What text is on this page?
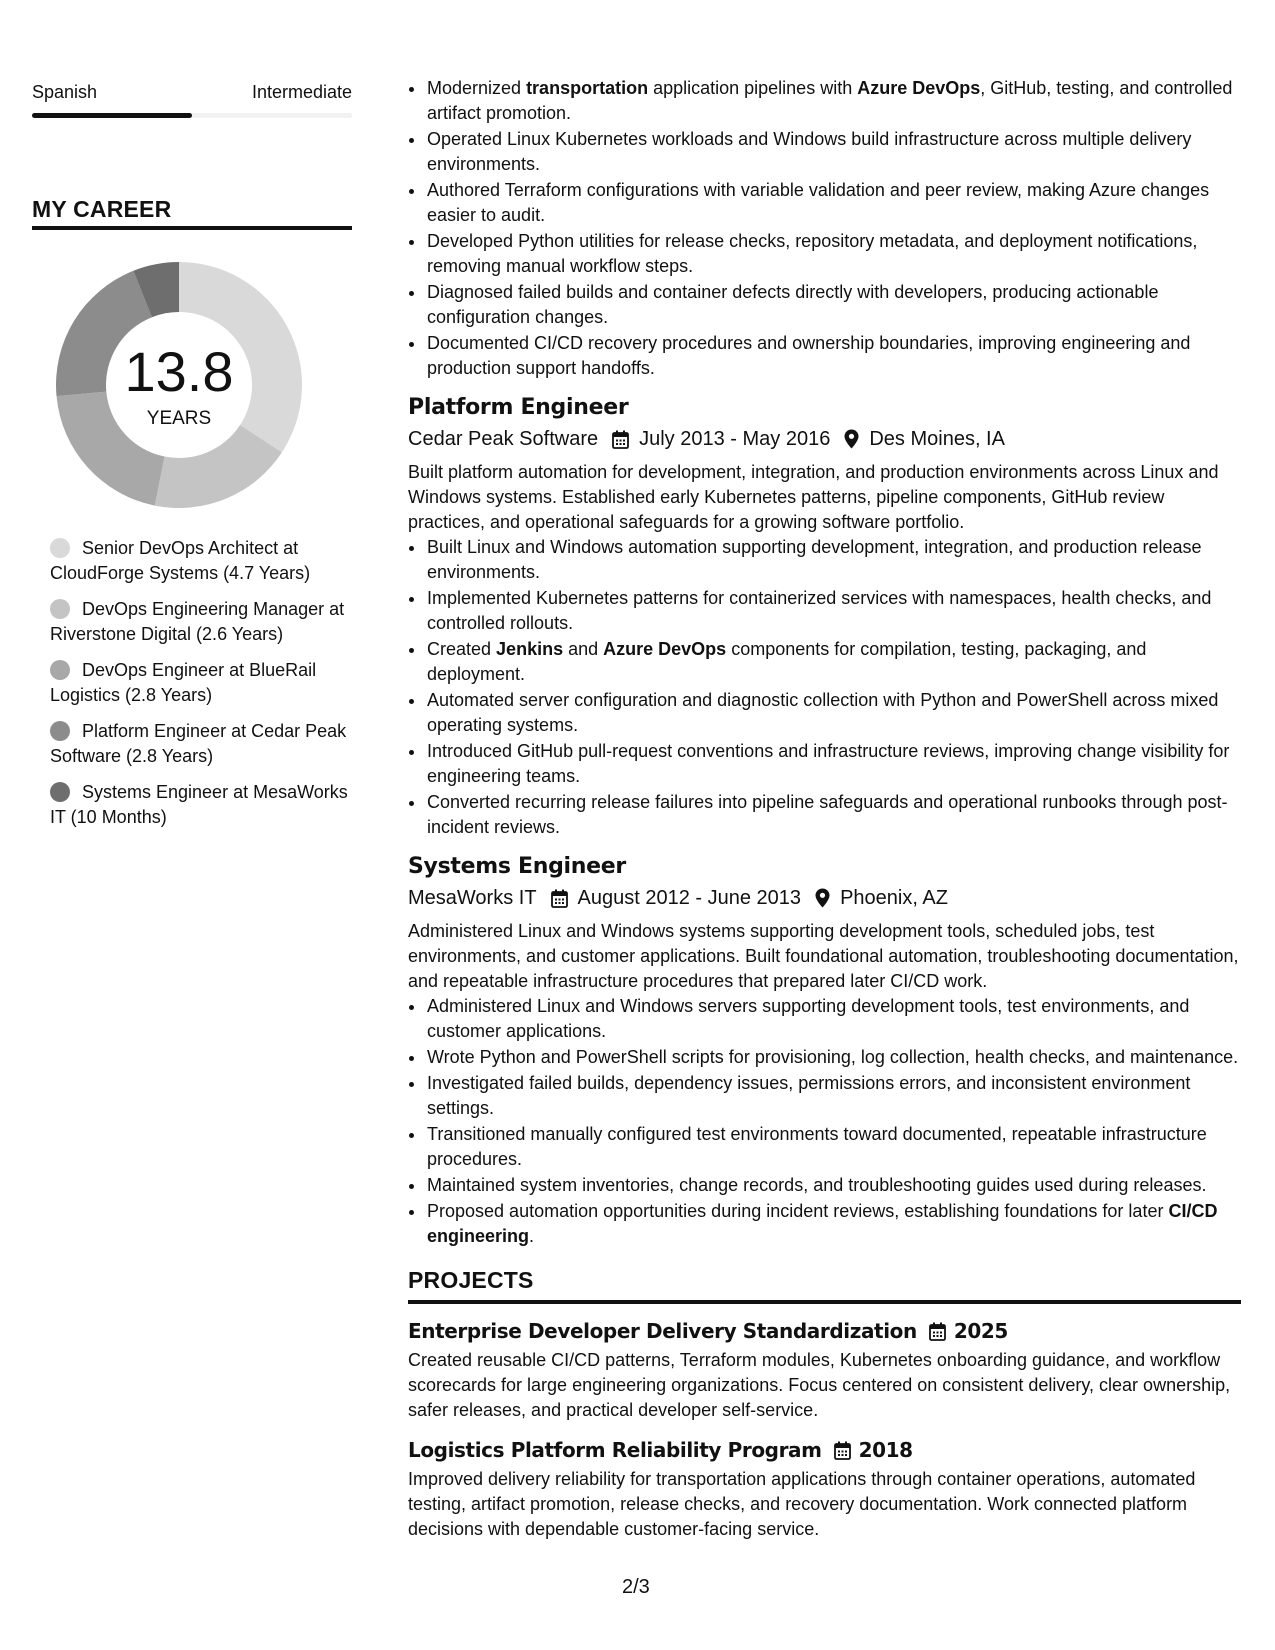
Spanish	Intermediate
MY CAREER
13.8
YEARS
Senior DevOps Architect at CloudForge Systems (4.7 Years)
DevOps Engineering Manager at Riverstone Digital (2.6 Years)
DevOps Engineer at BlueRail Logistics (2.8 Years)
Platform Engineer at Cedar Peak Software (2.8 Years)
Systems Engineer at MesaWorks IT (10 Months)
• Modernized transportation application pipelines with Azure DevOps, GitHub, testing, and controlled artifact promotion.
• Operated Linux Kubernetes workloads and Windows build infrastructure across multiple delivery environments.
• Authored Terraform configurations with variable validation and peer review, making Azure changes easier to audit.
• Developed Python utilities for release checks, repository metadata, and deployment notifications, removing manual workflow steps.
• Diagnosed failed builds and container defects directly with developers, producing actionable configuration changes.
• Documented CI/CD recovery procedures and ownership boundaries, improving engineering and production support handoffs.
Platform Engineer
Cedar Peak Software July 2013 - May 2016 Des Moines, IA
Built platform automation for development, integration, and production environments across Linux and Windows systems. Established early Kubernetes patterns, pipeline components, GitHub review practices, and operational safeguards for a growing software portfolio.
• Built Linux and Windows automation supporting development, integration, and production release environments.
• Implemented Kubernetes patterns for containerized services with namespaces, health checks, and controlled rollouts.
• Created Jenkins and Azure DevOps components for compilation, testing, packaging, and deployment.
• Automated server configuration and diagnostic collection with Python and PowerShell across mixed operating systems.
• Introduced GitHub pull-request conventions and infrastructure reviews, improving change visibility for engineering teams.
• Converted recurring release failures into pipeline safeguards and operational runbooks through post-incident reviews.
Systems Engineer
MesaWorks IT August 2012 - June 2013 Phoenix, AZ
Administered Linux and Windows systems supporting development tools, scheduled jobs, test environments, and customer applications. Built foundational automation, troubleshooting documentation, and repeatable infrastructure procedures that prepared later CI/CD work.
• Administered Linux and Windows servers supporting development tools, test environments, and customer applications.
• Wrote Python and PowerShell scripts for provisioning, log collection, health checks, and maintenance.
• Investigated failed builds, dependency issues, permissions errors, and inconsistent environment settings.
• Transitioned manually configured test environments toward documented, repeatable infrastructure procedures.
• Maintained system inventories, change records, and troubleshooting guides used during releases.
• Proposed automation opportunities during incident reviews, establishing foundations for later CI/CD engineering.
PROJECTS
Enterprise Developer Delivery Standardization 2025
Created reusable CI/CD patterns, Terraform modules, Kubernetes onboarding guidance, and workflow scorecards for large engineering organizations. Focus centered on consistent delivery, clear ownership, safer releases, and practical developer self-service.
Logistics Platform Reliability Program 2018
Improved delivery reliability for transportation applications through container operations, automated testing, artifact promotion, release checks, and recovery documentation. Work connected platform decisions with dependable customer-facing service.
2/3
